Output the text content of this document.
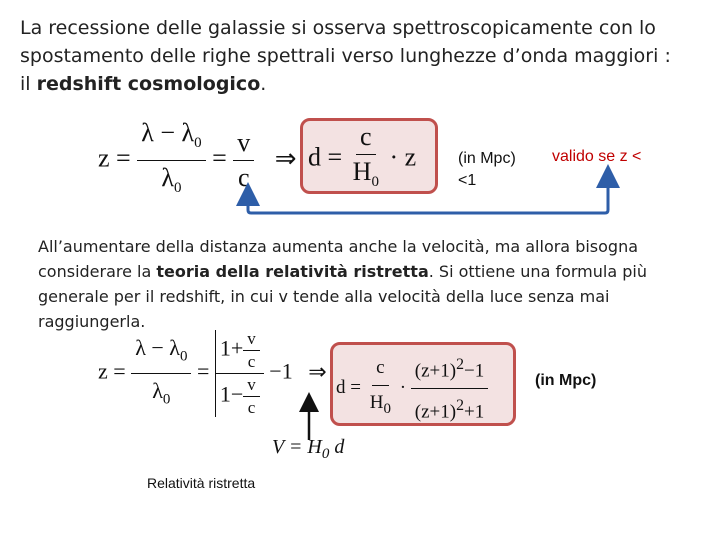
La recessione delle galassie si osserva spettroscopicamente con lo
spostamento delle righe spettrali verso lunghezze d’onda maggiori :
il redshift cosmologico.
$z = \frac{\lambda - \lambda_0}{\lambda_0} = \frac{v}{c}$ ⇒ $d = \frac{c}{H_0} \cdot z$	(in Mpc)
<1
valido se z <
All’aumentare della distanza aumenta anche la velocità, ma allora bisogna
considerare la teoria della relatività ristretta. Si ottiene una formula più
generale per il redshift, in cui v tende alla velocità della luce senza mai
raggiungerla.
$z = \frac{\lambda - \lambda_0}{\lambda_0} = \frac{1+ \frac{v}{c}}{1- \frac{v}{c}} -1$ ⇒
$d = \frac{c}{H_0} \cdot \frac{(z+1)^2-1}{(z+1)^2+1}$	(in Mpc)
$V = H_0$ d
Relatività ristretta
